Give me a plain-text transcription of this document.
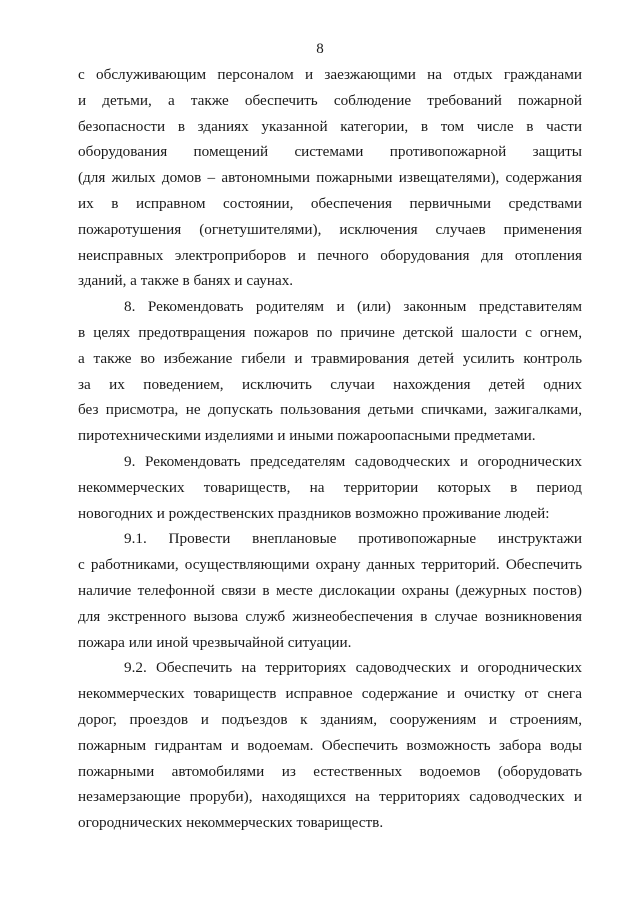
8
с обслуживающим персоналом и заезжающими на отдых гражданами
и детьми, а также обеспечить соблюдение требований пожарной
безопасности в зданиях указанной категории, в том числе в части
оборудования помещений системами противопожарной защиты
(для жилых домов – автономными пожарными извещателями), содержания
их в исправном состоянии, обеспечения первичными средствами
пожаротушения (огнетушителями), исключения случаев применения
неисправных электроприборов и печного оборудования для отопления
зданий, а также в банях и саунах.
8. Рекомендовать родителям и (или) законным представителям
в целях предотвращения пожаров по причине детской шалости с огнем,
а также во избежание гибели и травмирования детей усилить контроль
за их поведением, исключить случаи нахождения детей одних
без присмотра, не допускать пользования детьми спичками, зажигалками,
пиротехническими изделиями и иными пожароопасными предметами.
9. Рекомендовать председателям садоводческих и огороднических
некоммерческих товариществ, на территории которых в период
новогодних и рождественских праздников возможно проживание людей:
9.1. Провести внеплановые противопожарные инструктажи
с работниками, осуществляющими охрану данных территорий. Обеспечить
наличие телефонной связи в месте дислокации охраны (дежурных постов)
для экстренного вызова служб жизнеобеспечения в случае возникновения
пожара или иной чрезвычайной ситуации.
9.2. Обеспечить на территориях садоводческих и огороднических
некоммерческих товариществ исправное содержание и очистку от снега
дорог, проездов и подъездов к зданиям, сооружениям и строениям,
пожарным гидрантам и водоемам. Обеспечить возможность забора воды
пожарными автомобилями из естественных водоемов (оборудовать
незамерзающие проруби), находящихся на территориях садоводческих и
огороднических некоммерческих товариществ.
